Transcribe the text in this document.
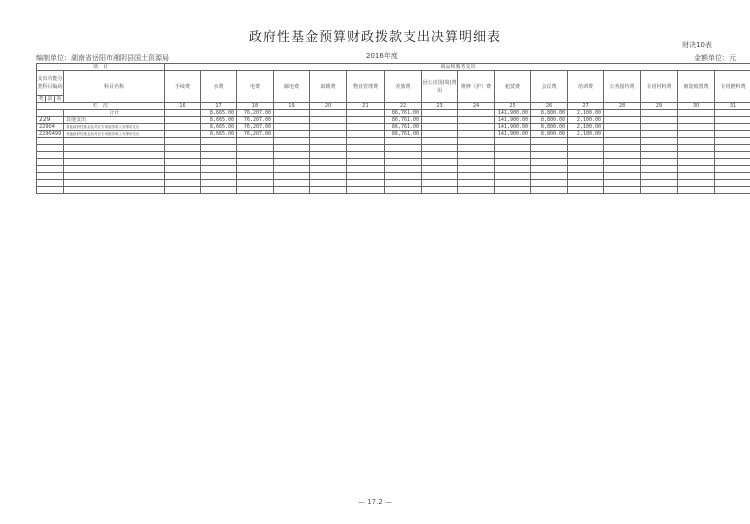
政府性基金预算财政拨款支出决算明细表	财决10表
编制单位：湖南省岳阳市湘阴县国土资源局	2016年度	金额单位：元
项　目				商品和服务支出															
支出功能分类科目编码			科目名称	手续费	水费	电费	邮电费	取暖费	物业管理费	差旅费	因公出国(境)费用	维修（护）费	租赁费	会议费	培训费	公务接待费	专用材料费	被装购置费	专用燃料费
类	款	项																	
栏　次				16	17	18	19	20	21	22	23	24	25	26	27	28	29	30	31
			合计		8,665.00	76,207.00				86,761.00			141,900.00	8,800.00	2,100.00				
229			其他支出		8,665.00	76,207.00				86,761.00			141,900.00	8,800.00	2,100.00				
22904			其他政府性基金及对应专项债务收入安排的支出		8,665.00	76,207.00				86,761.00			141,900.00	8,800.00	2,100.00				
2290499			其他政府性基金及对应专项债务收入安排的支出		8,665.00	76,207.00				86,761.00			141,900.00	8,800.00	2,100.00				

— 17.2 —
